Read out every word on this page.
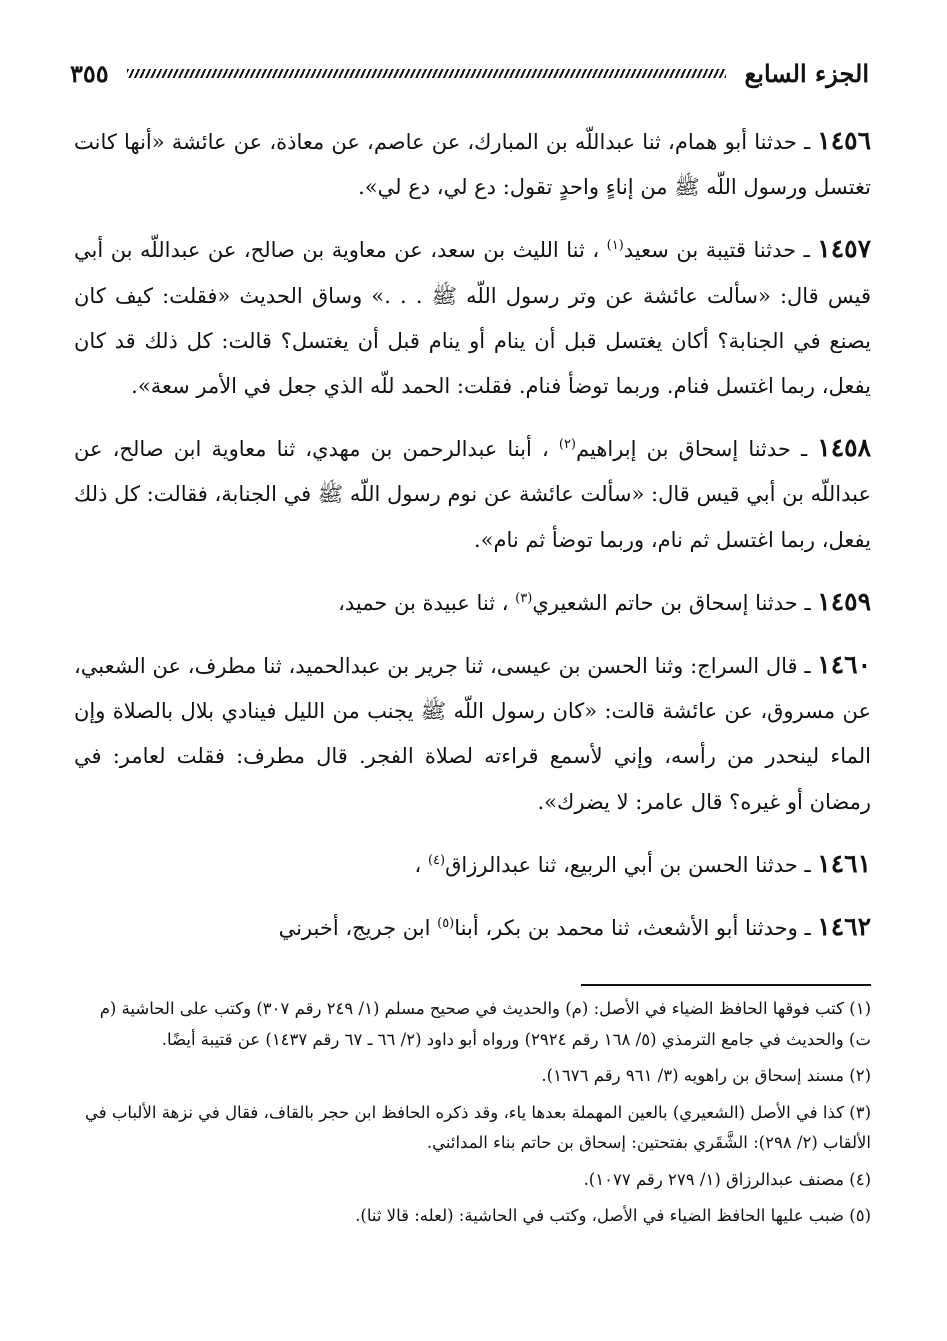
الجزء السابع
٣٥٥

١٤٥٦ ـ حدثنا أبو همام، ثنا عبداللّه بن المبارك، عن عاصم، عن معاذة، عن عائشة «أنها كانت تغتسل ورسول اللّه ﷺ من إناءٍ واحدٍ تقول: دع لي، دع لي».

١٤٥٧ ـ حدثنا قتيبة بن سعيد$^{(١)}$ ، ثنا الليث بن سعد، عن معاوية بن صالح، عن عبداللّه بن أبي قيس قال: «سألت عائشة عن وتر رسول اللّه ﷺ . . .» وساق الحديث «فقلت: كيف كان يصنع في الجنابة؟ أكان يغتسل قبل أن ينام أو ينام قبل أن يغتسل؟ قالت: كل ذلك قد كان يفعل، ربما اغتسل فنام. وربما توضأ فنام. فقلت: الحمد للّه الذي جعل في الأمر سعة».

١٤٥٨ ـ حدثنا إسحاق بن إبراهيم$^{(٢)}$ ، أبنا عبدالرحمن بن مهدي، ثنا معاوية ابن صالح، عن عبداللّه بن أبي قيس قال: «سألت عائشة عن نوم رسول اللّه ﷺ في الجنابة، فقالت: كل ذلك يفعل، ربما اغتسل ثم نام، وربما توضأ ثم نام».

١٤٥٩ ـ حدثنا إسحاق بن حاتم الشعيري$^{(٣)}$ ، ثنا عبيدة بن حميد،

١٤٦٠ ـ قال السراج: وثنا الحسن بن عيسى، ثنا جرير بن عبدالحميد، ثنا مطرف، عن الشعبي، عن مسروق، عن عائشة قالت: «كان رسول اللّه ﷺ يجنب من الليل فينادي بلال بالصلاة وإن الماء لينحدر من رأسه، وإني لأسمع قراءته لصلاة الفجر. قال مطرف: فقلت لعامر: في رمضان أو غيره؟ قال عامر: لا يضرك».

١٤٦١ ـ حدثنا الحسن بن أبي الربيع، ثنا عبدالرزاق$^{(٤)}$ ،

١٤٦٢ ـ وحدثنا أبو الأشعث، ثنا محمد بن بكر، أبنا$^{(٥)}$ ابن جريج، أخبرني

(١) كتب فوقها الحافظ الضياء في الأصل: (م) والحديث في صحيح مسلم (١/ ٢٤٩ رقم ٣٠٧) وكتب على الحاشية (م ت) والحديث في جامع الترمذي (٥/ ١٦٨ رقم ٢٩٢٤) ورواه أبو داود (٢/ ٦٦ ـ ٦٧ رقم ١٤٣٧) عن قتيبة أيضًا.

(٢) مسند إسحاق بن راهويه (٣/ ٩٦١ رقم ١٦٧٦).

(٣) كذا في الأصل (الشعيري) بالعين المهملة بعدها ياء، وقد ذكره الحافظ ابن حجر بالقاف، فقال في نزهة الألباب في الألقاب (٢/ ٢٩٨): الشَّقَري بفتحتين: إسحاق بن حاتم بناء المدائني.

(٤) مصنف عبدالرزاق (١/ ٢٧٩ رقم ١٠٧٧).

(٥) ضبب عليها الحافظ الضياء في الأصل، وكتب في الحاشية: (لعله: قالا ثنا).
